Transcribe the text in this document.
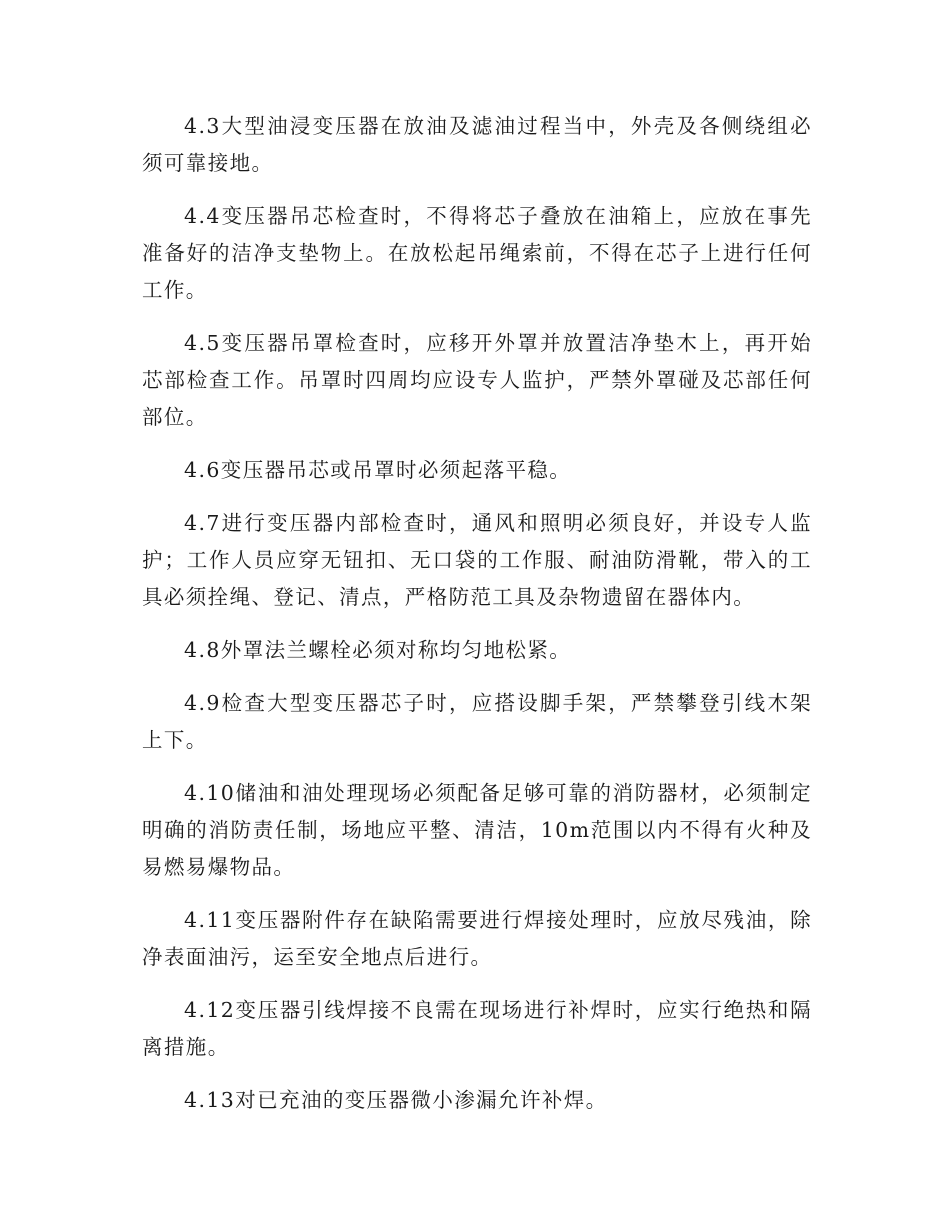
4.3大型油浸变压器在放油及滤油过程当中，外壳及各侧绕组必须可靠接地。

4.4变压器吊芯检查时，不得将芯子叠放在油箱上，应放在事先准备好的洁净支垫物上。在放松起吊绳索前，不得在芯子上进行任何工作。

4.5变压器吊罩检查时，应移开外罩并放置洁净垫木上，再开始芯部检查工作。吊罩时四周均应设专人监护，严禁外罩碰及芯部任何部位。

4.6变压器吊芯或吊罩时必须起落平稳。

4.7进行变压器内部检查时，通风和照明必须良好，并设专人监护；工作人员应穿无钮扣、无口袋的工作服、耐油防滑靴，带入的工具必须拴绳、登记、清点，严格防范工具及杂物遗留在器体内。

4.8外罩法兰螺栓必须对称均匀地松紧。

4.9检查大型变压器芯子时，应搭设脚手架，严禁攀登引线木架上下。

4.10储油和油处理现场必须配备足够可靠的消防器材，必须制定明确的消防责任制，场地应平整、清洁，10m范围以内不得有火种及易燃易爆物品。

4.11变压器附件存在缺陷需要进行焊接处理时，应放尽残油，除净表面油污，运至安全地点后进行。

4.12变压器引线焊接不良需在现场进行补焊时，应实行绝热和隔离措施。

4.13对已充油的变压器微小渗漏允许补焊。
